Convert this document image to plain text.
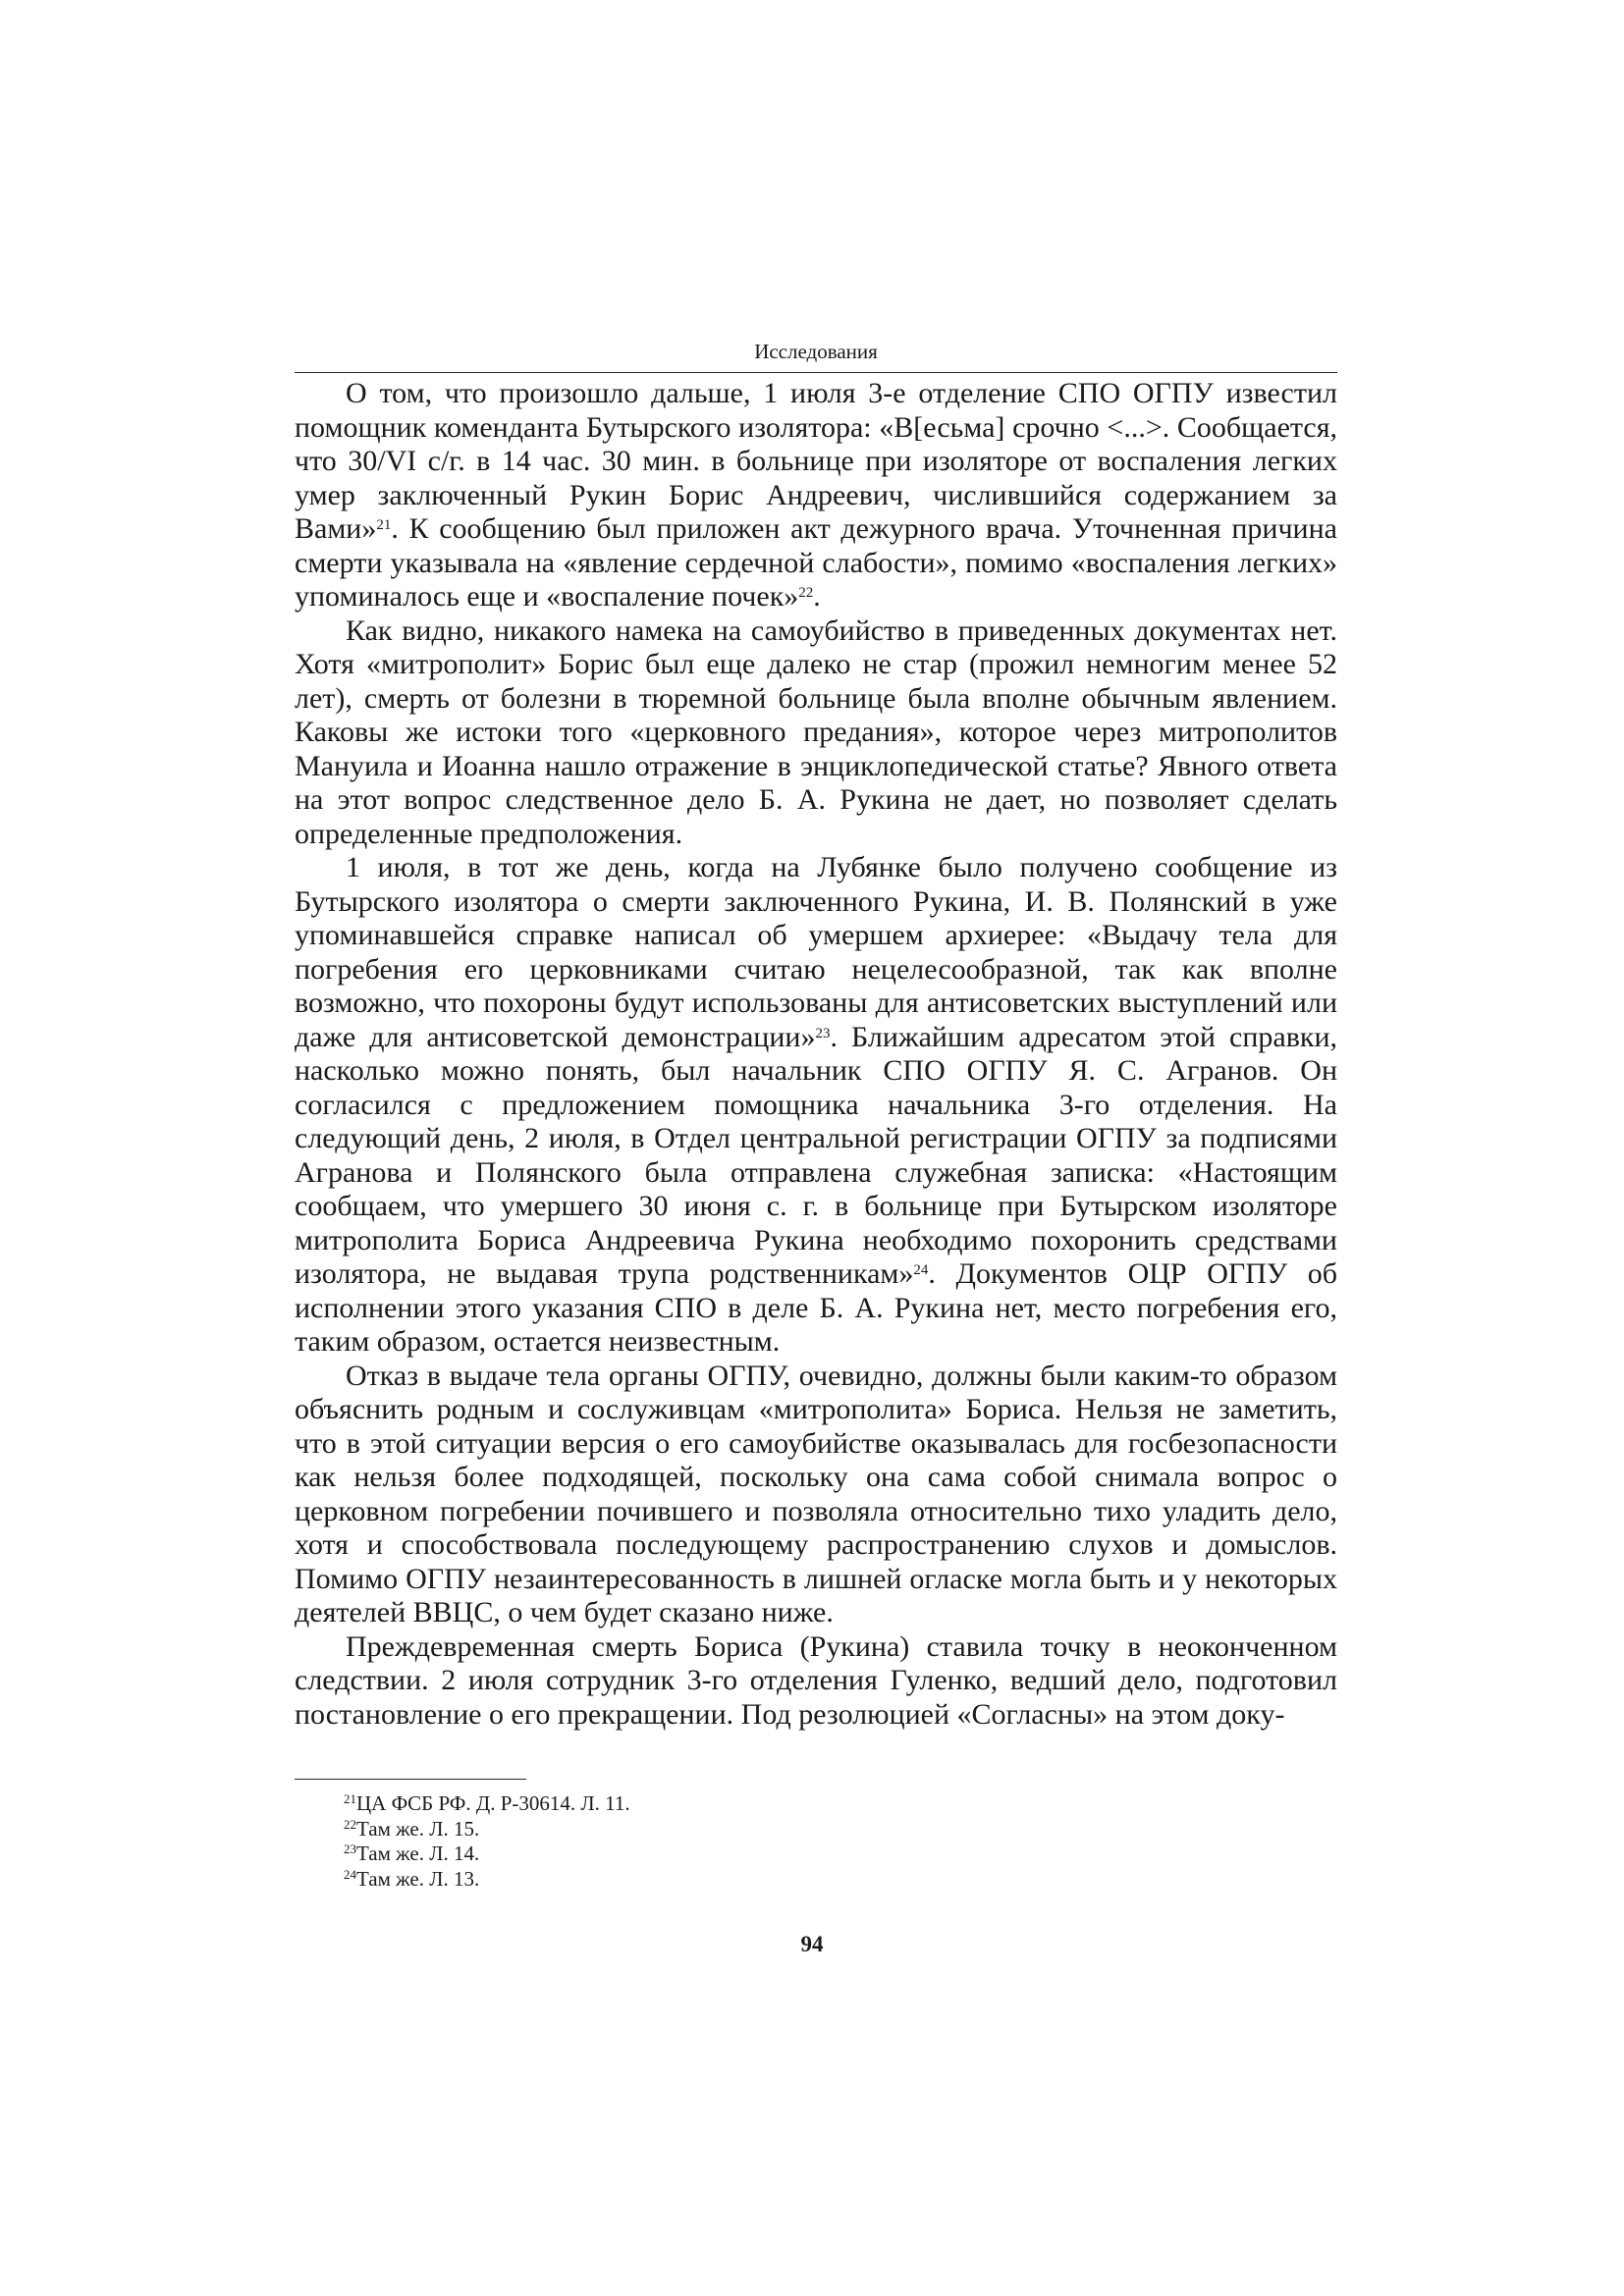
Исследования

О том, что произошло дальше, 1 июля 3-е отделение СПО ОГПУ известил помощник коменданта Бутырского изолятора: «В[есьма] срочно <...>. Сообщается, что 30/VI с/г. в 14 час. 30 мин. в больнице при изоляторе от воспаления легких умер заключенный Рукин Борис Андреевич, числившийся содержанием за Вами»$^{21}$. К сообщению был приложен акт дежурного врача. Уточненная причина смерти указывала на «явление сердечной слабости», помимо «воспаления легких» упоминалось еще и «воспаление почек»$^{22}$.

Как видно, никакого намека на самоубийство в приведенных документах нет. Хотя «митрополит» Борис был еще далеко не стар (прожил немногим менее 52 лет), смерть от болезни в тюремной больнице была вполне обычным явлением. Каковы же истоки того «церковного предания», которое через митрополитов Мануила и Иоанна нашло отражение в энциклопедической статье? Явного ответа на этот вопрос следственное дело Б. А. Рукина не дает, но позволяет сделать определенные предположения.

1 июля, в тот же день, когда на Лубянке было получено сообщение из Бутырского изолятора о смерти заключенного Рукина, И. В. Полянский в уже упоминавшейся справке написал об умершем архиерее: «Выдачу тела для погребения его церковниками считаю нецелесообразной, так как вполне возможно, что похороны будут использованы для антисоветских выступлений или даже для антисоветской демонстрации»$^{23}$. Ближайшим адресатом этой справки, насколько можно понять, был начальник СПО ОГПУ Я. С. Агранов. Он согласился с предложением помощника начальника 3-го отделения. На следующий день, 2 июля, в Отдел центральной регистрации ОГПУ за подписями Агранова и Полянского была отправлена служебная записка: «Настоящим сообщаем, что умершего 30 июня с. г. в больнице при Бутырском изоляторе митрополита Бориса Андреевича Рукина необходимо похоронить средствами изолятора, не выдавая трупа родственникам»$^{24}$. Документов ОЦР ОГПУ об исполнении этого указания СПО в деле Б. А. Рукина нет, место погребения его, таким образом, остается неизвестным.

Отказ в выдаче тела органы ОГПУ, очевидно, должны были каким-то образом объяснить родным и сослуживцам «митрополита» Бориса. Нельзя не заметить, что в этой ситуации версия о его самоубийстве оказывалась для госбезопасности как нельзя более подходящей, поскольку она сама собой снимала вопрос о церковном погребении почившего и позволяла относительно тихо уладить дело, хотя и способствовала последующему распространению слухов и домыслов. Помимо ОГПУ незаинтересованность в лишней огласке могла быть и у некоторых деятелей ВВЦС, о чем будет сказано ниже.

Преждевременная смерть Бориса (Рукина) ставила точку в неоконченном следствии. 2 июля сотрудник 3-го отделения Гуленко, ведший дело, подготовил постановление о его прекращении. Под резолюцией «Согласны» на этом доку-

$^{21}$ЦА ФСБ РФ. Д. Р-30614. Л. 11.
$^{22}$Там же. Л. 15.
$^{23}$Там же. Л. 14.
$^{24}$Там же. Л. 13.
94
